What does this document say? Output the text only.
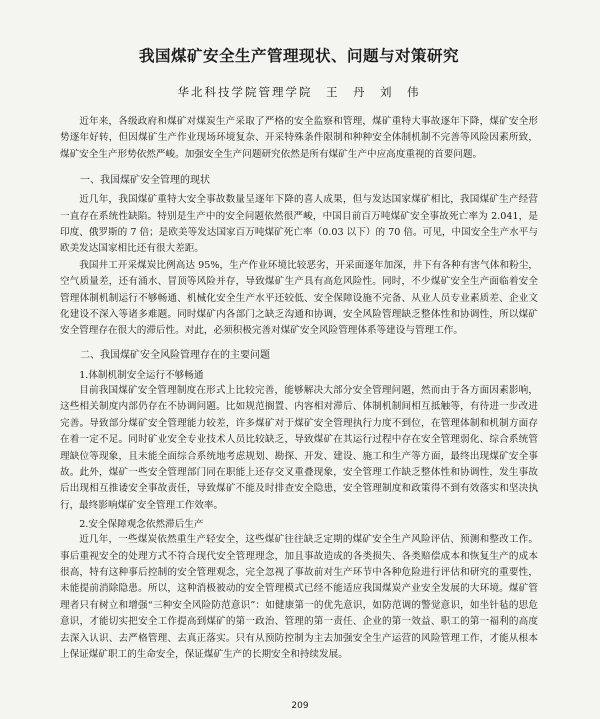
我国煤矿安全生产管理现状、问题与对策研究
华北科技学院管理学院　王　丹　刘　伟

近年来，各级政府和煤矿对煤炭生产采取了严格的安全监察和管理，煤矿重特大事故逐年下降，煤矿安全形势逐年好转，但因煤矿生产作业现场环境复杂、开采特殊条件限制和种种安全体制机制不完善等风险因素所致，煤矿安全生产形势依然严峻。加强安全生产问题研究依然是所有煤矿生产中应高度重视的首要问题。

一、我国煤矿安全管理的现状

近几年，我国煤矿重特大安全事故数量呈逐年下降的喜人成果，但与发达国家煤矿相比，我国煤矿生产经营一直存在系统性缺陷。特别是生产中的安全问题依然很严峻，中国目前百万吨煤矿安全事故死亡率为 2.041，是印度、俄罗斯的 7 倍；是欧美等发达国家百万吨煤矿死亡率（0.03 以下）的 70 倍。可见，中国安全生产水平与欧美发达国家相比还有很大差距。

我国井工开采煤炭比例高达 95%，生产作业环境比较恶劣，开采面逐年加深，井下有各种有害气体和粉尘，空气质量差，还有涌水、冒顶等风险并存，导致煤矿生产具有高危风险性。同时，不少煤矿安全生产面临着安全管理体制机制运行不够畅通、机械化安全生产水平还较低、安全保障设施不完备、从业人员专业素质差、企业文化建设不深入等诸多难题。同时煤矿内各部门之缺乏沟通和协调，安全风险管理缺乏整体性和协调性，所以煤矿安全管理存在很大的滞后性。对此，必须积极完善对煤矿安全风险管理体系等建设与管理工作。

二、我国煤矿安全风险管理存在的主要问题
1.体制机制安全运行不够畅通

目前我国煤矿安全管理制度在形式上比较完善，能够解决大部分安全管理问题，然而由于各方面因素影响，这些相关制度内部仍存在不协调问题。比如规范搁置、内容相对滞后、体制机制间相互抵触等，有待进一步改进完善。导致部分煤矿安全管理能力较差，许多煤矿对于煤矿安全管理执行力度不到位，在管理体制和机制方面存在着一定不足。同时矿业安全专业技术人员比较缺乏，导致煤矿在其运行过程中存在安全管理弱化、综合系统管理缺位等现象，且未能全面综合系统地考虑规划、勘探、开发、建设、施工和生产等方面，最终出现煤矿安全事故。此外，煤矿一些安全管理部门同在职能上还存交叉重叠现象，安全管理工作缺乏整体性和协调性，发生事故后出现相互推诿安全事故责任，导致煤矿不能及时排查安全隐患，安全管理制度和政策得不到有效落实和坚决执行，最终影响煤矿安全管理工作效率。

2.安全保障观念依然滞后生产

近几年，一些煤炭依然重生产轻安全，这些煤矿往往缺乏定期的煤矿安全生产风险评估、预测和整改工作。事后重视安全的处理方式不符合现代安全管理理念，加且事故造成的各类损失、各类赔偿成本和恢复生产的成本很高，特有这种事后控制的安全管理观念，完全忽视了事故前对生产环节中各种危险进行评估和研究的重要性，未能提前消除隐患。所以，这种消极被动的安全管理模式已经不能适应我国煤炭产业安全发展的大环境。煤矿管理者只有树立和增强“三种安全风险防范意识”：如健康第一的优先意识，如防范调的警觉意识，如坐针毡的思危意识，才能切实把安全工作提高到煤矿的第一政治、管理的第一责任、企业的第一效益、职工的第一福利的高度去深入认识、去严格管理、去真正落实。只有从预防控制为主去加强安全生产运营的风险管理工作，才能从根本上保证煤矿职工的生命安全，保证煤矿生产的长期安全和持续发展。

209
